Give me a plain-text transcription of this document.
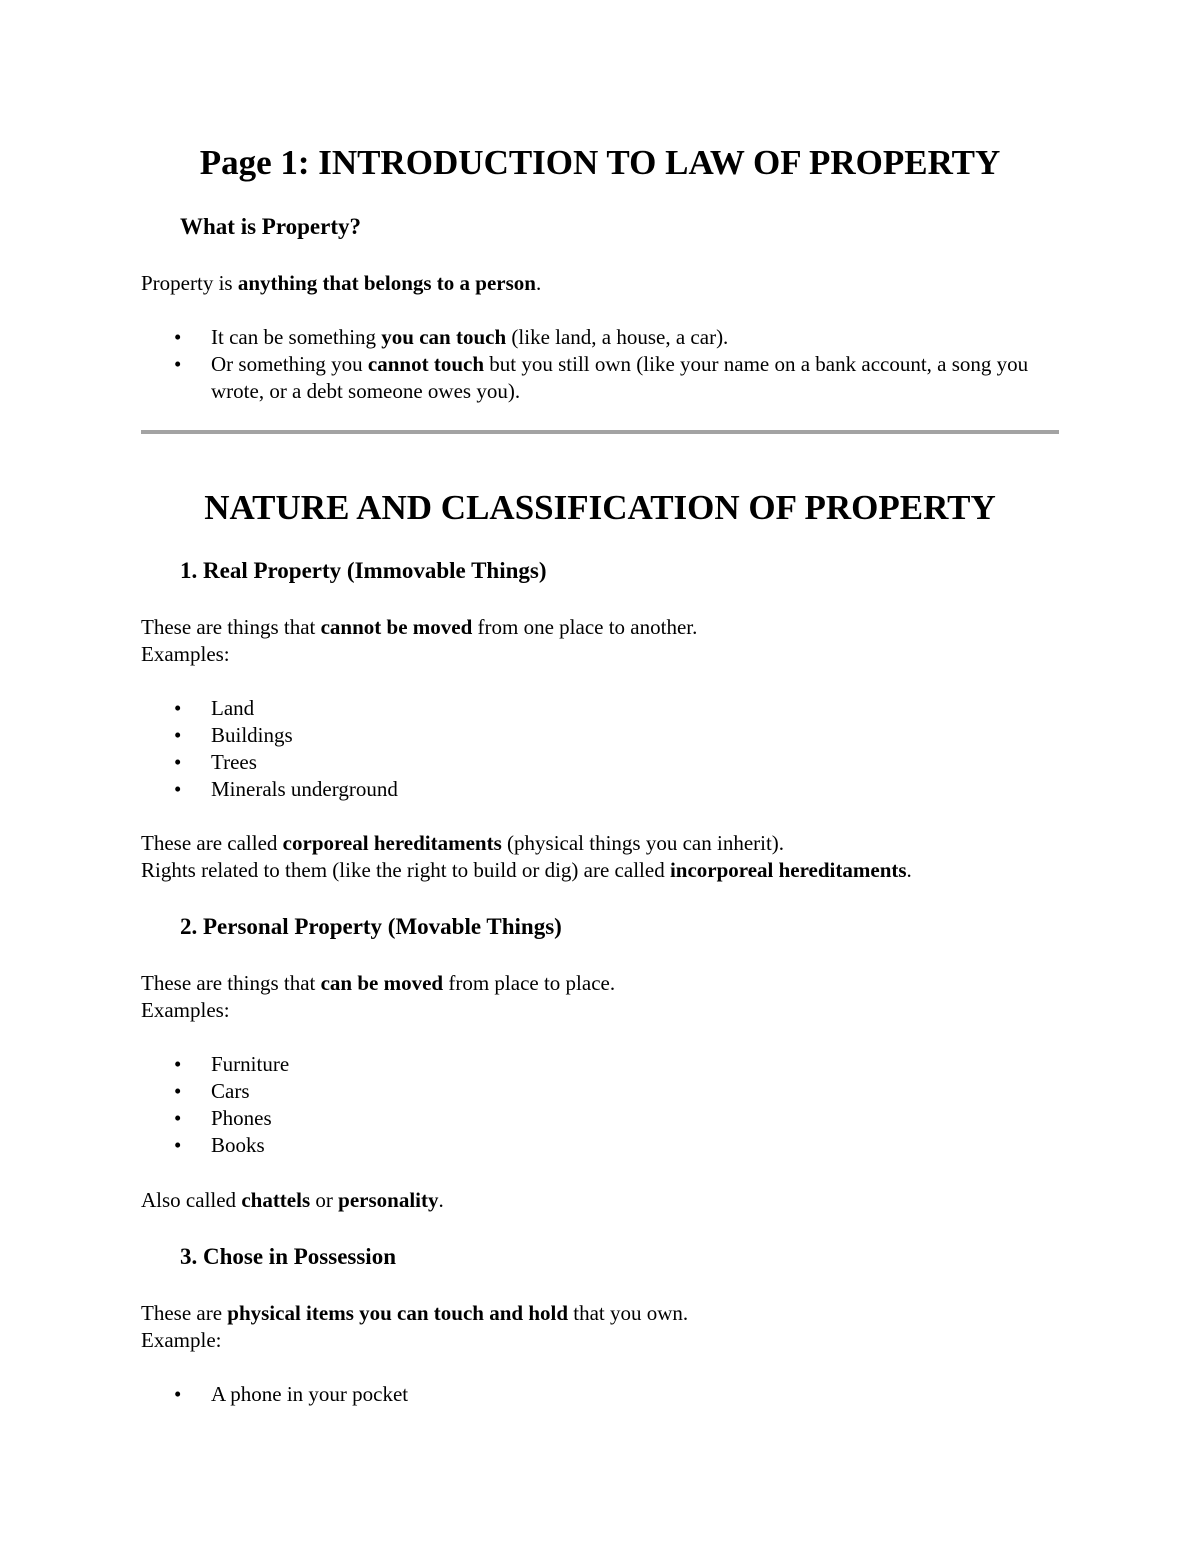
Page 1: INTRODUCTION TO LAW OF PROPERTY
What is Property?

Property is anything that belongs to a person.

• It can be something you can touch (like land, a house, a car).
• Or something you cannot touch but you still own (like your name on a bank account, a song you wrote, or a debt someone owes you).
NATURE AND CLASSIFICATION OF PROPERTY
1. Real Property (Immovable Things)

These are things that cannot be moved from one place to another.

Examples:

• Land
• Buildings
• Trees
• Minerals underground

These are called corporeal hereditaments (physical things you can inherit).

Rights related to them (like the right to build or dig) are called incorporeal hereditaments.

2. Personal Property (Movable Things)

These are things that can be moved from place to place.

Examples:

• Furniture
• Cars
• Phones
• Books

Also called chattels or personality.

3. Chose in Possession

These are physical items you can touch and hold that you own.

Example:

• A phone in your pocket
